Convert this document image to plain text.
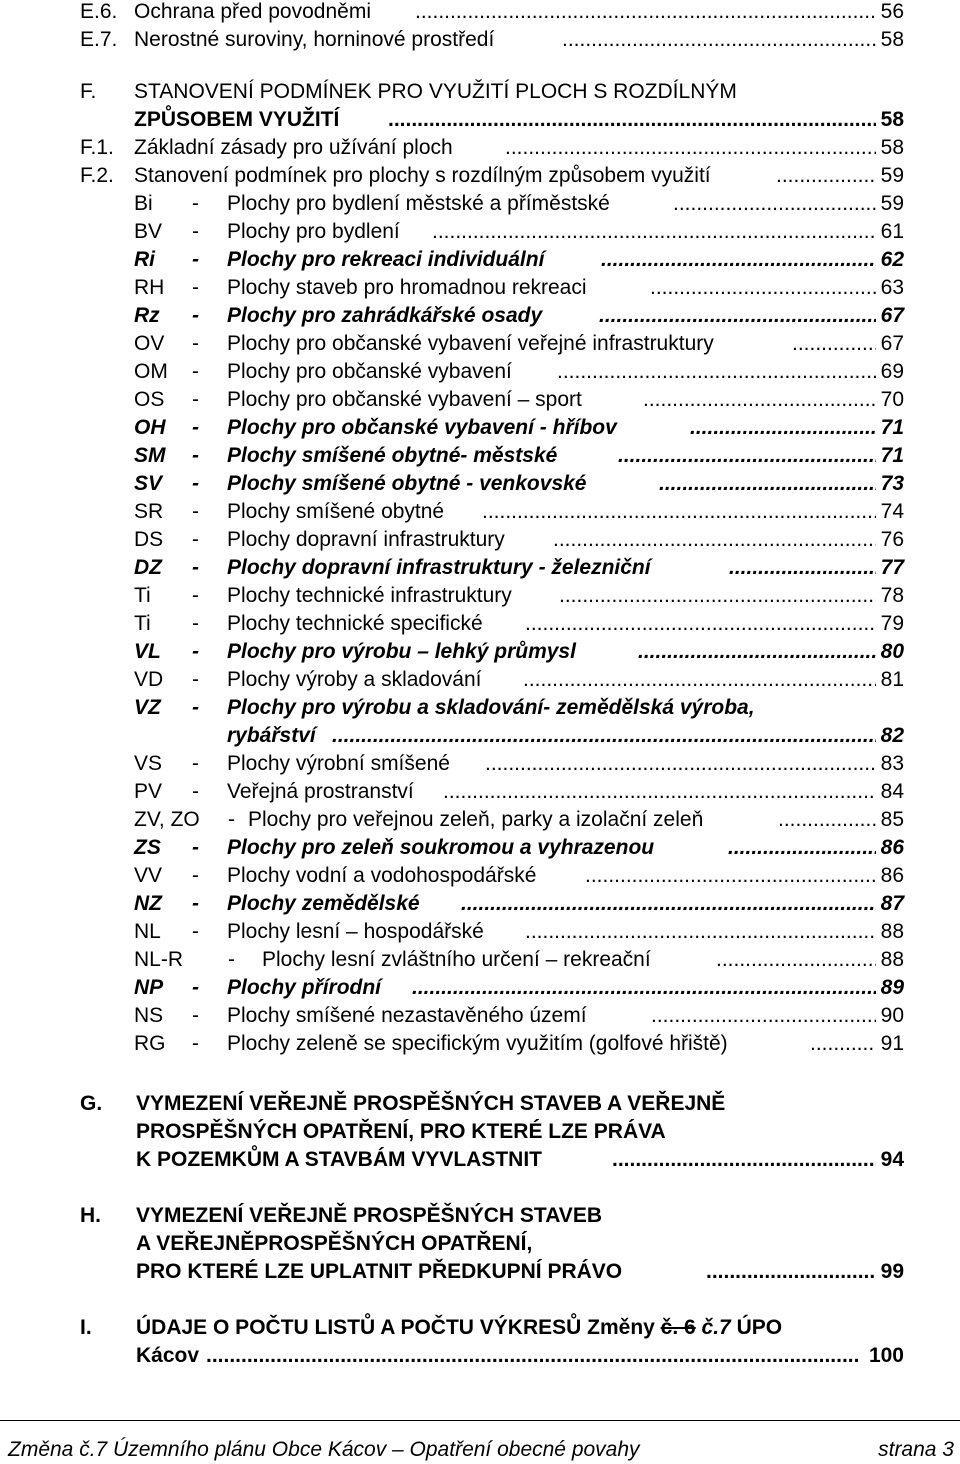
E.6. Ochrana před povodněmi .....	56
E.7. Nerostné suroviny, horninové prostředí .....	58
F. STANOVENÍ PODMÍNEK PRO VYUŽITÍ PLOCH S ROZDÍLNÝM
ZPŮSOBEM VYUŽITÍ .....	58
F.1. Základní zásady pro užívání ploch .....	58
F.2. Stanovení podmínek pro plochy s rozdílným způsobem využití .....	59
Bi - Plochy pro bydlení městské a příměstské .....	59
BV - Plochy pro bydlení .....	61
Ri - Plochy pro rekreaci individuální .....	62
RH - Plochy staveb pro hromadnou rekreaci .....	63
Rz - Plochy pro zahrádkářské osady .....	67
OV - Plochy pro občanské vybavení veřejné infrastruktury .....	67
OM - Plochy pro občanské vybavení .....	69
OS - Plochy pro občanské vybavení – sport .....	70
OH - Plochy pro občanské vybavení - hříbov .....	71
SM - Plochy smíšené obytné- městské .....	71
SV - Plochy smíšené obytné - venkovské .....	73
SR - Plochy smíšené obytné .....	74
DS - Plochy dopravní infrastruktury .....	76
DZ - Plochy dopravní infrastruktury - železniční .....	77
Ti - Plochy technické infrastruktury .....	78
Ti - Plochy technické specifické .....	79
VL - Plochy pro výrobu – lehký průmysl .....	80
VD - Plochy výroby a skladování .....	81
VZ - Plochy pro výrobu a skladování- zemědělská výroba,
rybářství .....	82
VS - Plochy výrobní smíšené .....	83
PV - Veřejná prostranství .....	84
ZV, ZO - Plochy pro veřejnou zeleň, parky a izolační zeleň .....	85
ZS - Plochy pro zeleň soukromou a vyhrazenou .....	86
VV - Plochy vodní a vodohospodářské .....	86
NZ - Plochy zemědělské .....	87
NL - Plochy lesní – hospodářské .....	88
NL-R - Plochy lesní zvláštního určení – rekreační .....	88
NP - Plochy přírodní .....	89
NS - Plochy smíšené nezastavěného území .....	90
RG - Plochy zeleně se specifickým využitím (golfové hřiště) .....	91
G. VYMEZENÍ VEŘEJNĚ PROSPĚŠNÝCH STAVEB A VEŘEJNĚ
PROSPĚŠNÝCH OPATŘENÍ, PRO KTERÉ LZE PRÁVA
K POZEMKŮM A STAVBÁM VYVLASTNIT .....	94
H. VYMEZENÍ VEŘEJNĚ PROSPĚŠNÝCH STAVEB
A VEŘEJNĚPROSPĚŠNÝCH OPATŘENÍ,
PRO KTERÉ LZE UPLATNIT PŘEDKUPNÍ PRÁVO .....	99
I. ÚDAJE O POČTU LISTŮ A POČTU VÝKRESŮ Změny č. 6 č.7 ÚPO
Kácov .....	100
Změna č.7 Územního plánu Obce Kácov – Opatření obecné povahy	strana 3
